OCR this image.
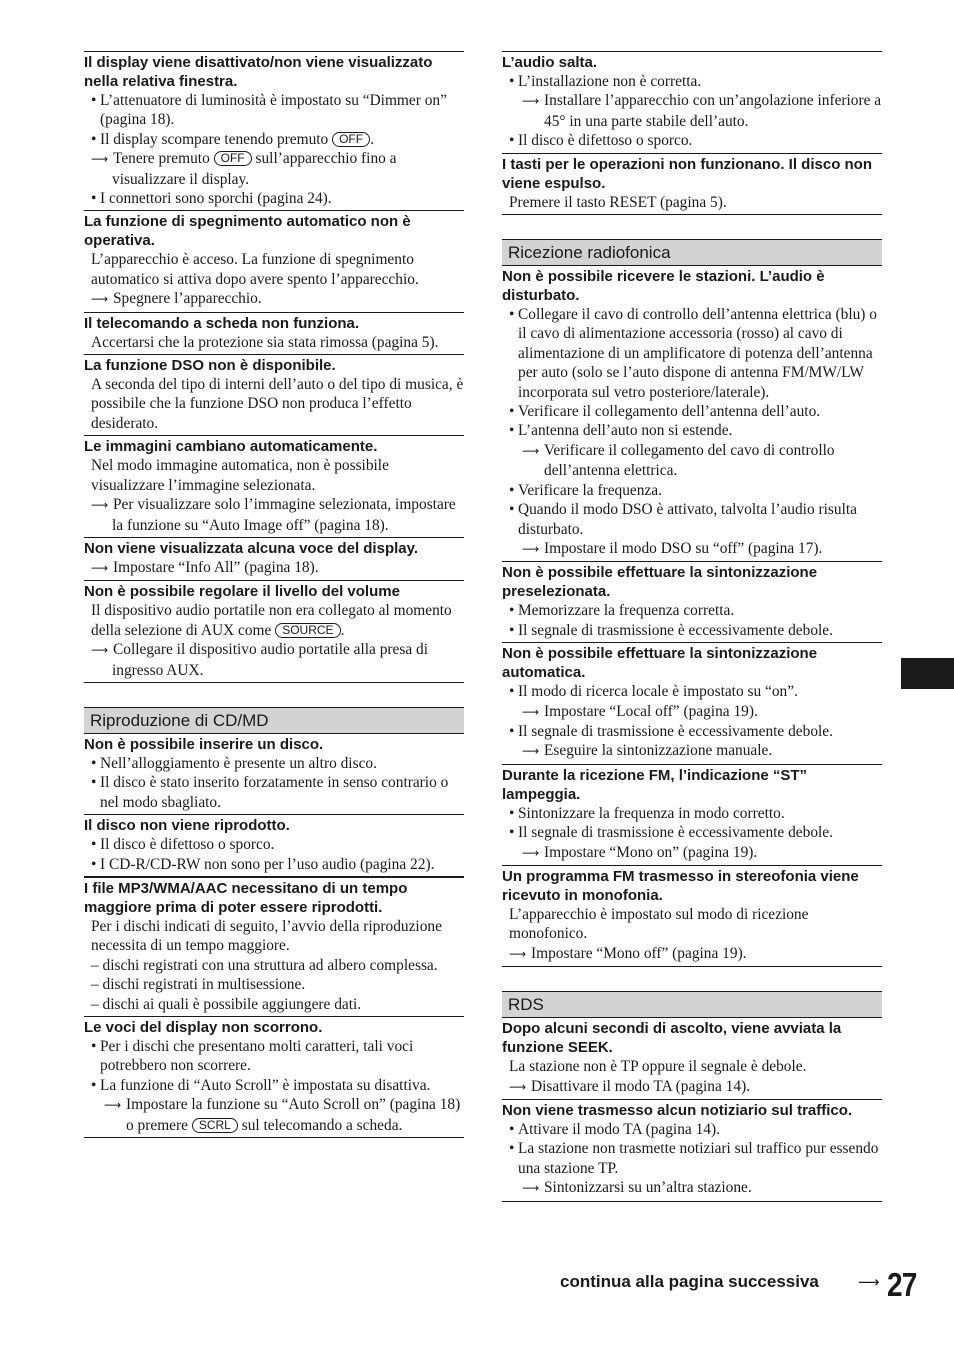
Il display viene disattivato/non viene visualizzato nella relativa finestra.

• L’attenuatore di luminosità è impostato su “Dimmer on” (pagina 18).

• Il display scompare tenendo premuto OFF .

⟶ Tenere premuto OFF sull’apparecchio fino a visualizzare il display.

• I connettori sono sporchi (pagina 24).

La funzione di spegnimento automatico non è operativa.

L’apparecchio è acceso. La funzione di spegnimento automatico si attiva dopo avere spento l’apparecchio.

⟶ Spegnere l’apparecchio.

Il telecomando a scheda non funziona.

Accertarsi che la protezione sia stata rimossa (pagina 5).

La funzione DSO non è disponibile.

A seconda del tipo di interni dell’auto o del tipo di musica, è possibile che la funzione DSO non produca l’effetto desiderato.

Le immagini cambiano automaticamente.

Nel modo immagine automatica, non è possibile visualizzare l’immagine selezionata.

⟶ Per visualizzare solo l’immagine selezionata, impostare la funzione su “Auto Image off” (pagina 18).

Non viene visualizzata alcuna voce del display.

⟶ Impostare “Info All” (pagina 18).

Non è possibile regolare il livello del volume

Il dispositivo audio portatile non era collegato al momento della selezione di AUX come SOURCE .

⟶ Collegare il dispositivo audio portatile alla presa di ingresso AUX.

Riproduzione di CD/MD

Non è possibile inserire un disco.

• Nell’alloggiamento è presente un altro disco.

• Il disco è stato inserito forzatamente in senso contrario o nel modo sbagliato.

Il disco non viene riprodotto.

• Il disco è difettoso o sporco.

• I CD-R/CD-RW non sono per l’uso audio (pagina 22).

I file MP3/WMA/AAC necessitano di un tempo maggiore prima di poter essere riprodotti.

Per i dischi indicati di seguito, l’avvio della riproduzione necessita di un tempo maggiore.

– dischi registrati con una struttura ad albero complessa.

– dischi registrati in multisessione.

– dischi ai quali è possibile aggiungere dati.

Le voci del display non scorrono.

• Per i dischi che presentano molti caratteri, tali voci potrebbero non scorrere.

• La funzione di “Auto Scroll” è impostata su disattiva.

⟶ Impostare la funzione su “Auto Scroll on” (pagina 18) o premere SCRL sul telecomando a scheda.

L’audio salta.

• L’installazione non è corretta.

⟶ Installare l’apparecchio con un’angolazione inferiore a 45° in una parte stabile dell’auto.

• Il disco è difettoso o sporco.

I tasti per le operazioni non funzionano. Il disco non viene espulso.

Premere il tasto RESET (pagina 5).

Ricezione radiofonica

Non è possibile ricevere le stazioni. L’audio è disturbato.

• Collegare il cavo di controllo dell’antenna elettrica (blu) o il cavo di alimentazione accessoria (rosso) al cavo di alimentazione di un amplificatore di potenza dell’antenna per auto (solo se l’auto dispone di antenna FM/MW/LW incorporata sul vetro posteriore/laterale).

• Verificare il collegamento dell’antenna dell’auto.

• L’antenna dell’auto non si estende.

⟶ Verificare il collegamento del cavo di controllo dell’antenna elettrica.

• Verificare la frequenza.

• Quando il modo DSO è attivato, talvolta l’audio risulta disturbato.

⟶ Impostare il modo DSO su “off” (pagina 17).

Non è possibile effettuare la sintonizzazione preselezionata.

• Memorizzare la frequenza corretta.

• Il segnale di trasmissione è eccessivamente debole.

Non è possibile effettuare la sintonizzazione automatica.

• Il modo di ricerca locale è impostato su “on”.

⟶ Impostare “Local off” (pagina 19).

• Il segnale di trasmissione è eccessivamente debole.

⟶ Eseguire la sintonizzazione manuale.

Durante la ricezione FM, l’indicazione “ST” lampeggia.

• Sintonizzare la frequenza in modo corretto.

• Il segnale di trasmissione è eccessivamente debole.

⟶ Impostare “Mono on” (pagina 19).

Un programma FM trasmesso in stereofonia viene ricevuto in monofonia.

L’apparecchio è impostato sul modo di ricezione monofonico.

⟶ Impostare “Mono off” (pagina 19).

RDS

Dopo alcuni secondi di ascolto, viene avviata la funzione SEEK.

La stazione non è TP oppure il segnale è debole.

⟶ Disattivare il modo TA (pagina 14).

Non viene trasmesso alcun notiziario sul traffico.

• Attivare il modo TA (pagina 14).

• La stazione non trasmette notiziari sul traffico pur essendo una stazione TP.

⟶ Sintonizzarsi su un’altra stazione.

continua alla pagina successiva	⟶ 27
